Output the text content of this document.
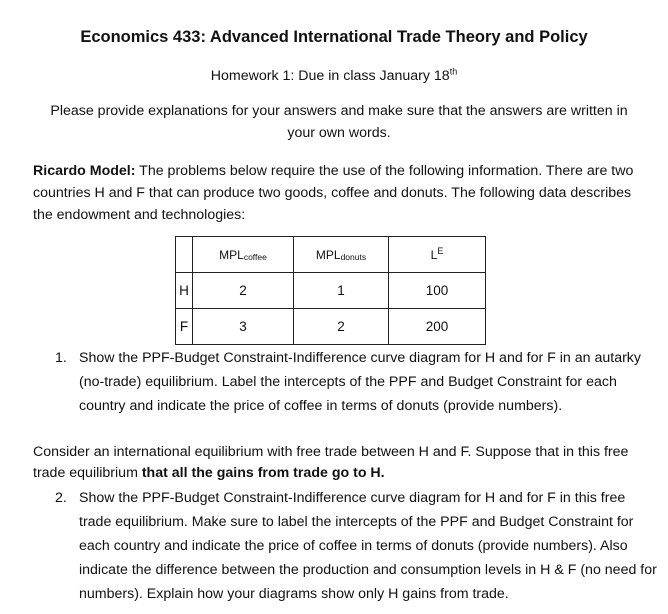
Economics 433: Advanced International Trade Theory and Policy
Homework 1: Due in class January 18th
Please provide explanations for your answers and make sure that the answers are written in
your own words.
Ricardo Model: The problems below require the use of the following information. There are two countries H and F that can produce two goods, coffee and donuts. The following data describes the endowment and technologies:
	$MPL_{coffee}$	$MPL_{donuts}$	$L^E$
H	2	1	100
F	3	2	200
1. Show the PPF-Budget Constraint-Indifference curve diagram for H and for F in an autarky (no-trade) equilibrium. Label the intercepts of the PPF and Budget Constraint for each country and indicate the price of coffee in terms of donuts (provide numbers).
Consider an international equilibrium with free trade between H and F. Suppose that in this free trade equilibrium that all the gains from trade go to H.
2. Show the PPF-Budget Constraint-Indifference curve diagram for H and for F in this free trade equilibrium. Make sure to label the intercepts of the PPF and Budget Constraint for each country and indicate the price of coffee in terms of donuts (provide numbers). Also indicate the difference between the production and consumption levels in H & F (no need for numbers). Explain how your diagrams show only H gains from trade.
